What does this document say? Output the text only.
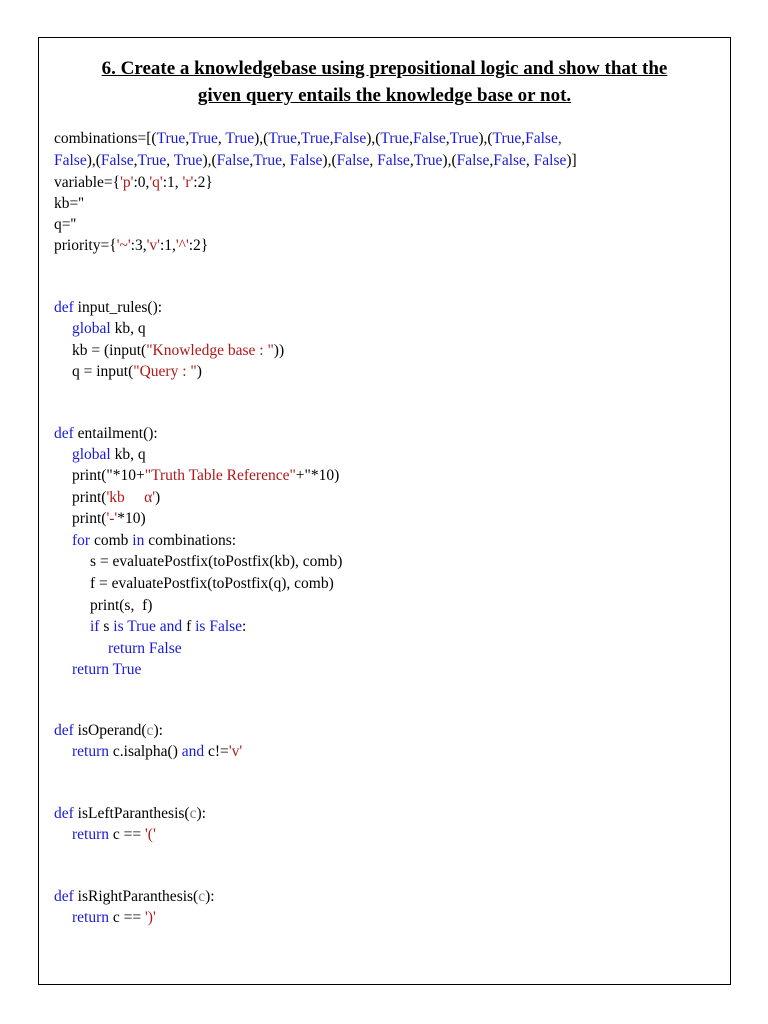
6. Create a knowledgebase using prepositional logic and show that the
given query entails the knowledge base or not.
combinations=[(True,True, True),(True,True,False),(True,False,True),(True,False,
False),(False,True, True),(False,True, False),(False, False,True),(False,False, False)]
variable={'p':0,'q':1, 'r':2}
kb=''
q=''
priority={'~':3,'v':1,'^':2}
def input_rules():
global kb, q
kb = (input("Knowledge base : "))
q = input("Query : ")
def entailment():
global kb, q
print("*10+"Truth Table Reference"+"*10)
print('kb     α')
print('-'*10)
for comb in combinations:
s = evaluatePostfix(toPostfix(kb), comb)
f = evaluatePostfix(toPostfix(q), comb)
print(s,  f)
if s is True and f is False:
return False
return True
def isOperand(c):
return c.isalpha() and c!='v'
def isLeftParanthesis(c):
return c == '('
def isRightParanthesis(c):
return c == ')'
